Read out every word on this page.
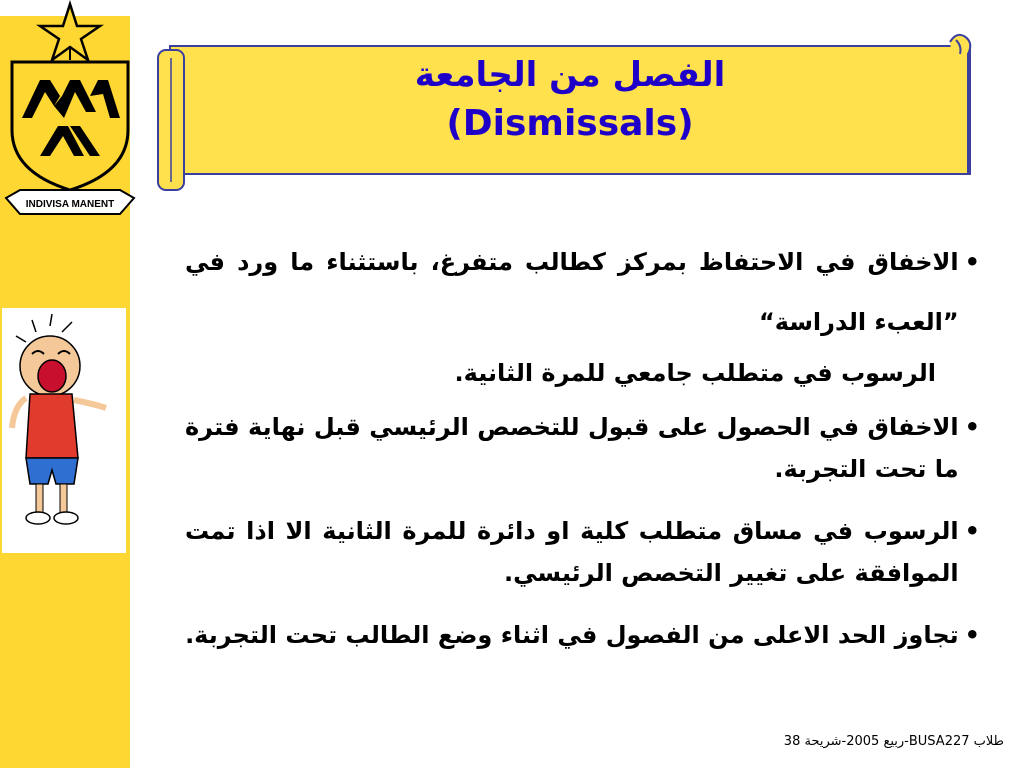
INDIVISA MANENT
الفصل من الجامعة
(Dismissals)
•
الاخفاق في الاحتفاظ بمركز كطالب متفرغ، باستثناء ما ورد في ”العبء الدراسة“
الرسوب في متطلب جامعي للمرة الثانية.
•
الاخفاق في الحصول على قبول للتخصص الرئيسي قبل نهاية فترة ما تحت التجربة.
•
الرسوب في مساق متطلب كلية او دائرة للمرة الثانية الا اذا تمت الموافقة على تغيير التخصص الرئيسي.
•
تجاوز الحد الاعلى من الفصول في اثناء وضع الطالب تحت التجربة.
طلاب BUSA227-ربيع 2005-شريحة 38
